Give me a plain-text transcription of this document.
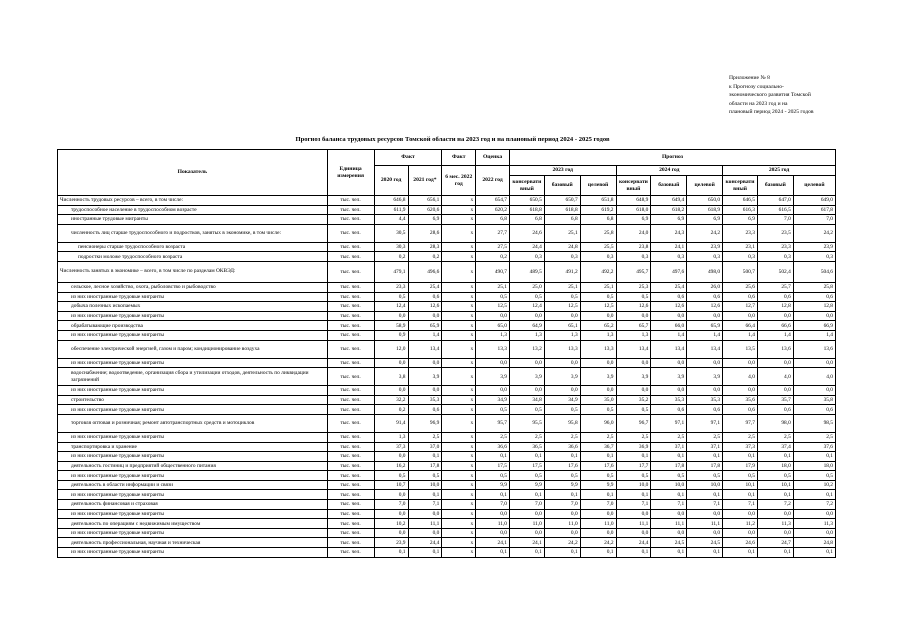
Приложение № 8
к Прогнозу социально-
экономического развития Томской
области на 2023 год и на
плановый период 2024 - 2025 годов
Прогноз баланса трудовых ресурсов Томской области на 2023 год и на плановый период 2024 - 2025 годов
Показатель	Единица измерения	Факт		Факт	Оценка	Прогноз								
		2020 год	2021 год*	6 мес. 2022 год	2022 год	2023 год			2024 год			2025 год		
						консервати вный	базовый	целевой	консервати вный	базовый	целевой	консервати вный	базовый	целевой
Численность трудовых ресурсов – всего, в том числе:	тыс. чел.	646,8	656,1	x	654,7	650,5	650,7	651,8	648,9	649,4	650,0	646,5	647,0	649,0
трудоспособное население в трудоспособном возрасте	тыс. чел.	611,9	620,6	x	620,2	618,8	618,8	619,2	618,0	618,2	618,9	616,3	616,5	617,8
иностранные трудовые мигранты	тыс. чел.	4,4	6,9	x	6,8	6,8	6,8	6,8	6,9	6,9	6,9	6,9	7,0	7,0
численность лиц старше трудоспособного и подростков, занятых в экономике, в том числе:	тыс. чел.	30,5	28,6	x	27,7	24,6	25,1	25,8	24,0	24,3	24,2	23,3	23,5	24,2
пенсионеры старше трудоспособного возраста	тыс. чел.	30,3	28,3	x	27,5	24,4	24,8	25,5	23,8	24,1	23,9	23,1	23,3	23,9
подростки моложе трудоспособного возраста	тыс. чел.	0,2	0,2	x	0,2	0,3	0,3	0,3	0,3	0,3	0,3	0,3	0,3	0,3
Численность занятых в экономике – всего, в том числе по разделам ОКВЭД:	тыс. чел.	479,1	496,6	x	490,7	489,5	491,2	492,2	495,7	497,6	498,0	500,7	502,4	504,6
сельское, лесное хозяйство, охота, рыболовство и рыбоводство	тыс. чел.	23,3	25,4	x	25,1	25,0	25,1	25,1	25,3	25,4	26,0	25,6	25,7	25,8
из них иностранные трудовые мигранты	тыс. чел.	0,5	0,6	x	0,5	0,5	0,5	0,5	0,5	0,6	0,6	0,6	0,6	0,6
добыча полезных ископаемых	тыс. чел.	12,4	12,6	x	12,5	12,4	12,5	12,5	12,6	12,6	12,6	12,7	12,8	12,8
из них иностранные трудовые мигранты	тыс. чел.	0,0	0,0	x	0,0	0,0	0,0	0,0	0,0	0,0	0,0	0,0	0,0	0,0
обрабатывающие производства	тыс. чел.	58,9	65,9	x	65,0	64,9	65,1	65,2	65,7	66,0	65,9	66,4	66,6	66,9
из них иностранные трудовые мигранты	тыс. чел.	0,9	1,4	x	1,3	1,3	1,3	1,3	1,3	1,4	1,4	1,4	1,4	1,4
обеспечение электрической энергией, газом и паром; кондиционирование воздуха	тыс. чел.	12,0	13,4	x	13,3	13,2	13,3	13,3	13,4	13,4	13,4	13,5	13,6	13,6
из них иностранные трудовые мигранты	тыс. чел.	0,0	0,0	x	0,0	0,0	0,0	0,0	0,0	0,0	0,0	0,0	0,0	0,0
водоснабжение; водоотведение, организация сбора и утилизации отходов, деятельность по ликвидации загрязнений	тыс. чел.	3,8	3,9	x	3,9	3,9	3,9	3,9	3,9	3,9	3,9	4,0	4,0	4,0
из них иностранные трудовые мигранты	тыс. чел.	0,0	0,0	x	0,0	0,0	0,0	0,0	0,0	0,0	0,0	0,0	0,0	0,0
строительство	тыс. чел.	32,2	35,3	x	34,9	34,8	34,9	35,0	35,2	35,3	35,3	35,6	35,7	35,8
из них иностранные трудовые мигранты	тыс. чел.	0,2	0,6	x	0,5	0,5	0,5	0,5	0,5	0,6	0,6	0,6	0,6	0,6
торговля оптовая и розничная; ремонт автотранспортных средств и мотоциклов	тыс. чел.	91,4	96,9	x	95,7	95,5	95,8	96,0	96,7	97,1	97,1	97,7	98,0	98,5
из них иностранные трудовые мигранты	тыс. чел.	1,3	2,5	x	2,5	2,5	2,5	2,5	2,5	2,5	2,5	2,5	2,5	2,5
транспортировка и хранение	тыс. чел.	37,3	37,0	x	36,6	36,5	36,6	36,7	36,9	37,1	37,1	37,3	37,4	37,6
из них иностранные трудовые мигранты	тыс. чел.	0,0	0,1	x	0,1	0,1	0,1	0,1	0,1	0,1	0,1	0,1	0,1	0,1
деятельность гостиниц и предприятий общественного питания	тыс. чел.	16,2	17,8	x	17,5	17,5	17,6	17,6	17,7	17,8	17,8	17,9	18,0	18,0
из них иностранные трудовые мигранты	тыс. чел.	0,5	0,5	x	0,5	0,5	0,5	0,5	0,5	0,5	0,5	0,5	0,5	0,5
деятельность в области информации и связи	тыс. чел.	10,7	10,0	x	9,9	9,9	9,9	9,9	10,0	10,0	10,0	10,1	10,1	10,2
из них иностранные трудовые мигранты	тыс. чел.	0,0	0,1	x	0,1	0,1	0,1	0,1	0,1	0,1	0,1	0,1	0,1	0,1
деятельность финансовая и страховая	тыс. чел.	7,0	7,1	x	7,0	7,0	7,0	7,0	7,1	7,1	7,1	7,1	7,2	7,2
из них иностранные трудовые мигранты	тыс. чел.	0,0	0,0	x	0,0	0,0	0,0	0,0	0,0	0,0	0,0	0,0	0,0	0,0
деятельность по операциям с недвижимым имуществом	тыс. чел.	10,2	11,1	x	11,0	11,0	11,0	11,0	11,1	11,1	11,1	11,2	11,3	11,3
из них иностранные трудовые мигранты	тыс. чел.	0,0	0,0	x	0,0	0,0	0,0	0,0	0,0	0,0	0,0	0,0	0,0	0,0
деятельность профессиональная, научная и техническая	тыс. чел.	23,9	24,4	x	24,1	24,1	24,2	24,2	24,4	24,5	24,5	24,6	24,7	24,8
из них иностранные трудовые мигранты	тыс. чел.	0,1	0,1	x	0,1	0,1	0,1	0,1	0,1	0,1	0,1	0,1	0,1	0,1
